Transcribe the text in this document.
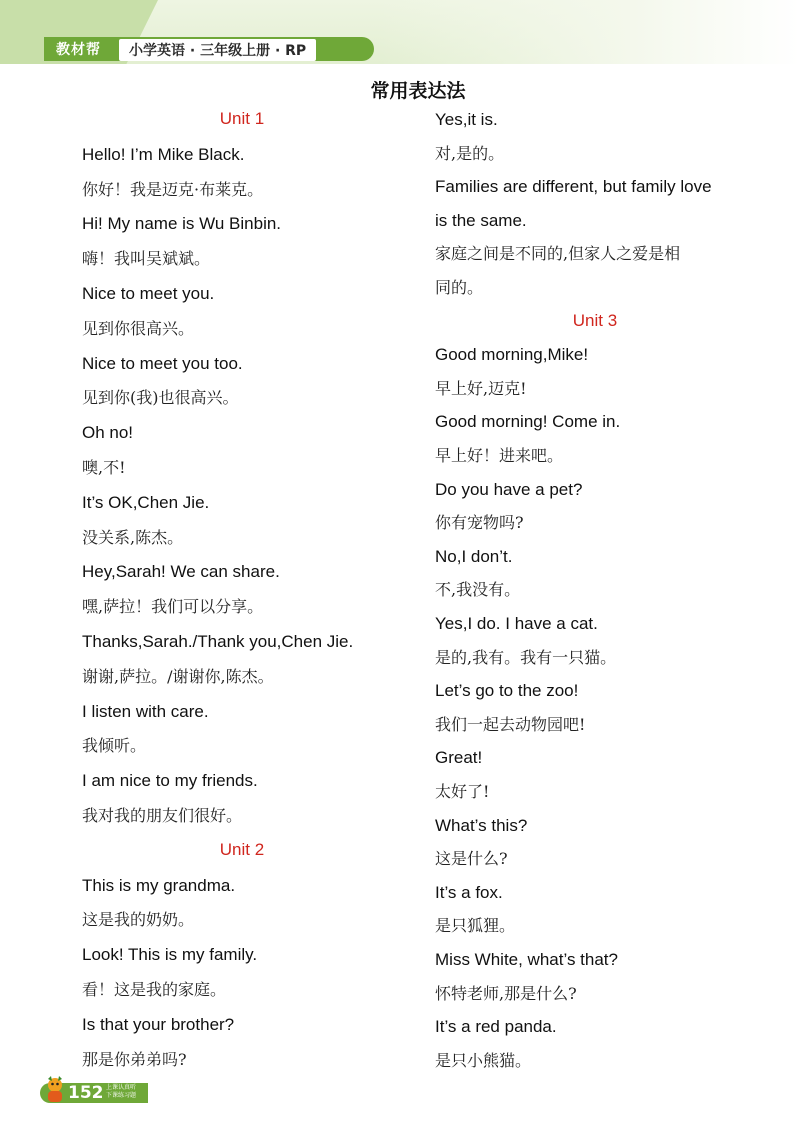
教材帮	小学英语 · 三年级上册 · RP
常用表达法
Unit 1
Hello! I’m Mike Black.
你好！我是迈克·布莱克。
Hi! My name is Wu Binbin.
嗨！我叫吴斌斌。
Nice to meet you.
见到你很高兴。
Nice to meet you too.
见到你(我)也很高兴。
Oh no!
噢,不!
It’s OK,Chen Jie.
没关系,陈杰。
Hey,Sarah! We can share.
嘿,萨拉！我们可以分享。
Thanks,Sarah./Thank you,Chen Jie.
谢谢,萨拉。/谢谢你,陈杰。
I listen with care.
我倾听。
I am nice to my friends.
我对我的朋友们很好。
Unit 2
This is my grandma.
这是我的奶奶。
Look! This is my family.
看！这是我的家庭。
Is that your brother?
那是你弟弟吗?
Yes,it is.
对,是的。
Families are different, but family love
is the same.
家庭之间是不同的,但家人之爱是相
同的。
Unit 3
Good morning,Mike!
早上好,迈克!
Good morning! Come in.
早上好！进来吧。
Do you have a pet?
你有宠物吗?
No,I don’t.
不,我没有。
Yes,I do. I have a cat.
是的,我有。我有一只猫。
Let’s go to the zoo!
我们一起去动物园吧!
Great!
太好了!
What’s this?
这是什么?
It’s a fox.
是只狐狸。
Miss White, what’s that?
怀特老师,那是什么?
It’s a red panda.
是只小熊猫。
152 上课认真听
下课练习题
